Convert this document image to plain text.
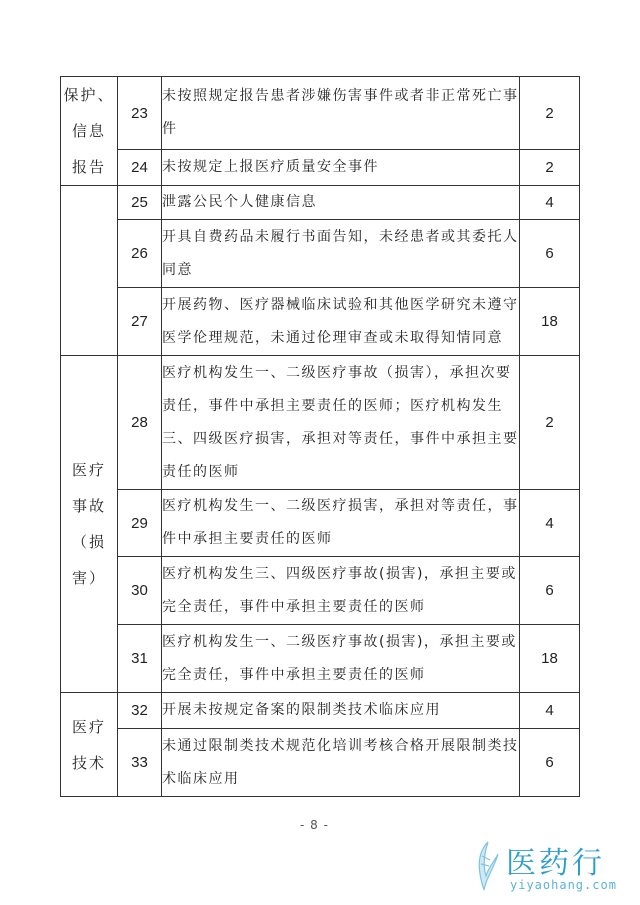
保护、
信息
报告	23	未按照规定报告患者涉嫌伤害事件或者非正常死亡事件	2
	24	未按规定上报医疗质量安全事件	2
	25	泄露公民个人健康信息	4
	26	开具自费药品未履行书面告知，未经患者或其委托人同意	6
	27	开展药物、医疗器械临床试验和其他医学研究未遵守医学伦理规范，未通过伦理审查或未取得知情同意	18

医疗
事故
（损
害）	28	医疗机构发生一、二级医疗事故（损害），承担次要责任，事件中承担主要责任的医师；医疗机构发生三、四级医疗损害，承担对等责任，事件中承担主要责任的医师	2
	29	医疗机构发生一、二级医疗损害，承担对等责任，事件中承担主要责任的医师	4
	30	医疗机构发生三、四级医疗事故(损害)，承担主要或完全责任，事件中承担主要责任的医师	6
	31	医疗机构发生一、二级医疗事故(损害)，承担主要或完全责任，事件中承担主要责任的医师	18

医疗
技术	32	开展未按规定备案的限制类技术临床应用	4
	33	未通过限制类技术规范化培训考核合格开展限制类技术临床应用	6
- 8 -
医药行
yiyaohang.com
